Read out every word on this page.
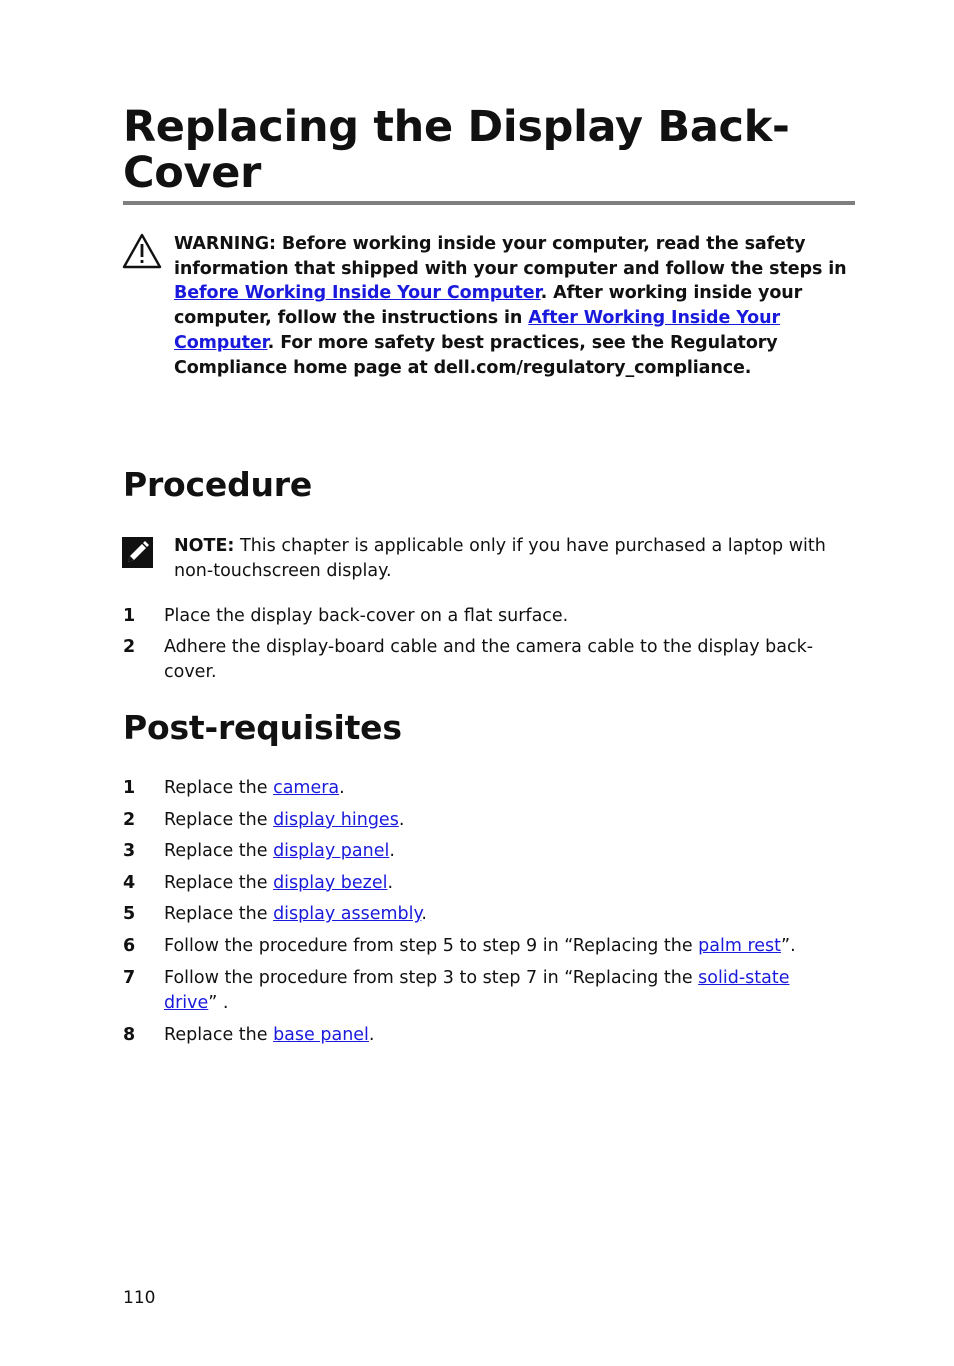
Replacing the Display Back-Cover
WARNING: Before working inside your computer, read the safety information that shipped with your computer and follow the steps in Before Working Inside Your Computer. After working inside your computer, follow the instructions in After Working Inside Your Computer. For more safety best practices, see the Regulatory Compliance home page at dell.com/regulatory_compliance.
Procedure
NOTE: This chapter is applicable only if you have purchased a laptop with non-touchscreen display.
1	Place the display back-cover on a flat surface.
2	Adhere the display-board cable and the camera cable to the display back-cover.
Post-requisites
1	Replace the camera.
2	Replace the display hinges.
3	Replace the display panel.
4	Replace the display bezel.
5	Replace the display assembly.
6	Follow the procedure from step 5 to step 9 in “Replacing the palm rest”.
7	Follow the procedure from step 3 to step 7 in “Replacing the solid-state drive” .
8	Replace the base panel.
110
